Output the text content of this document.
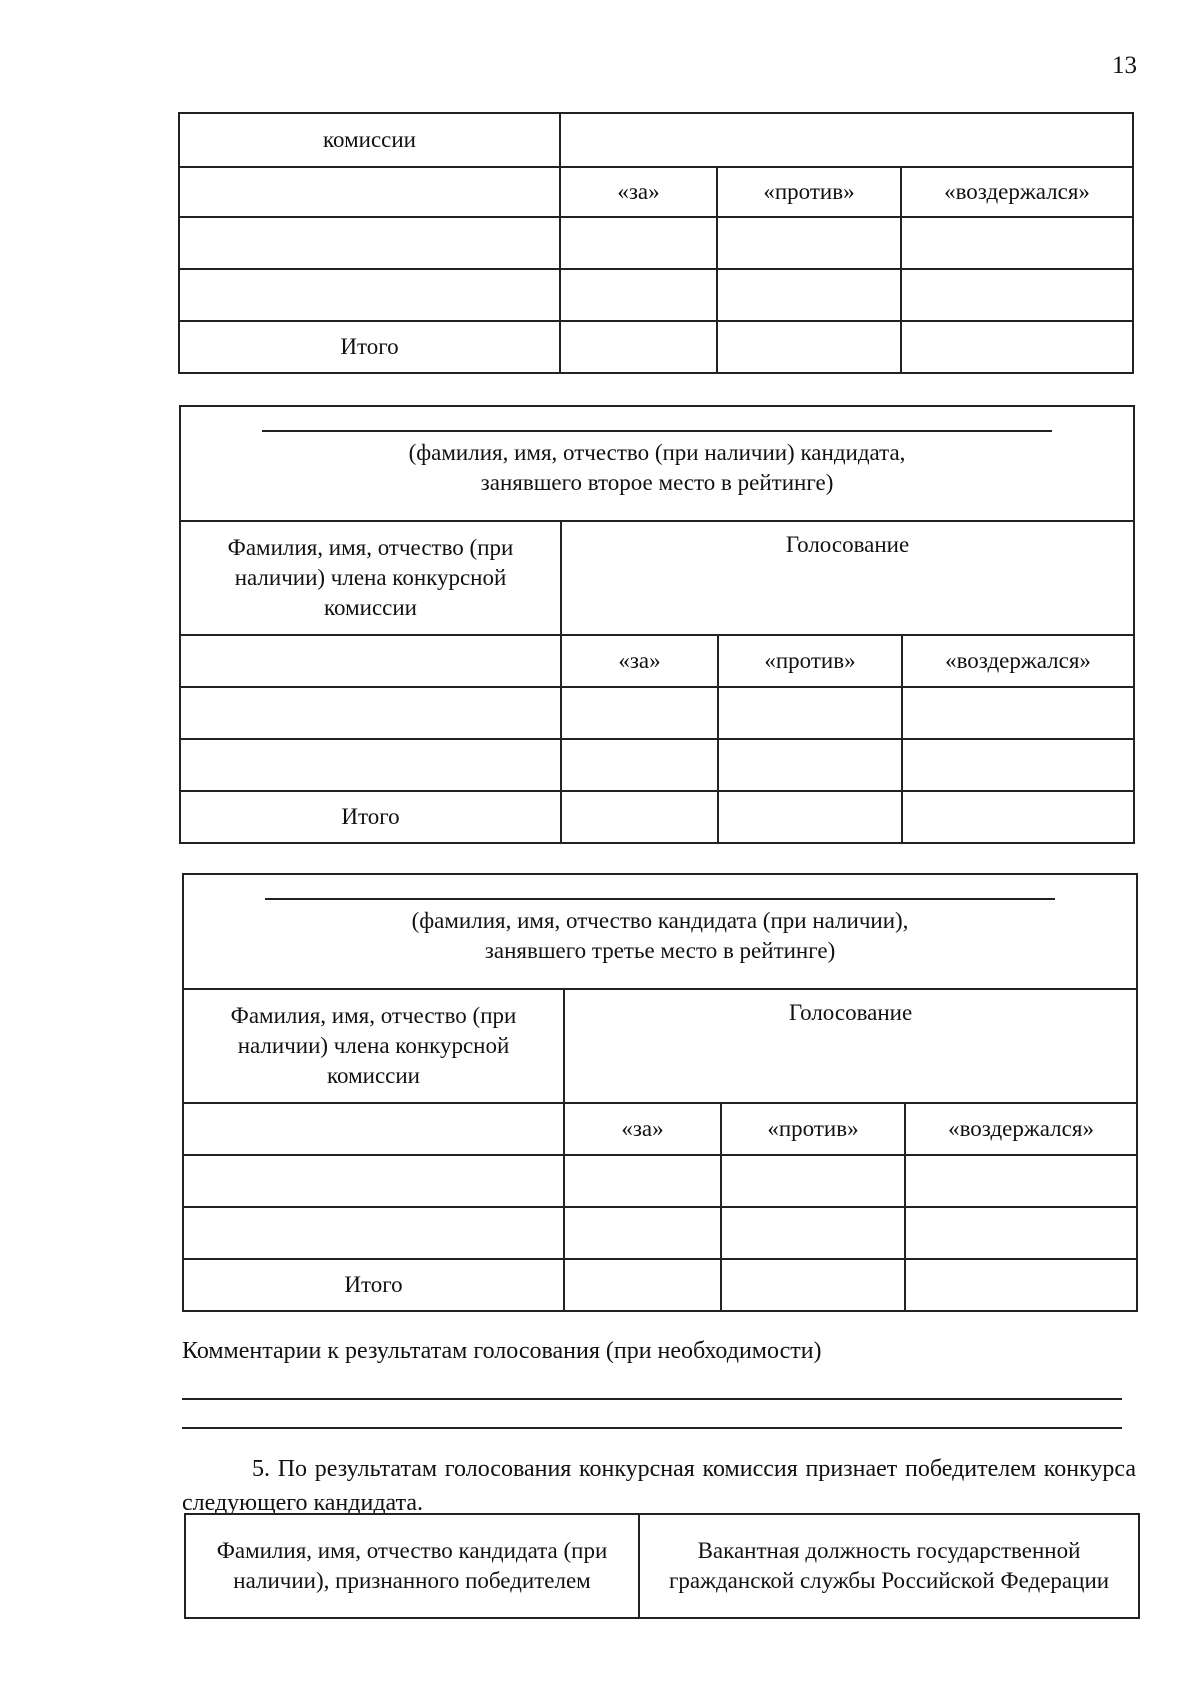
13
комиссии			
	«за»	«против»	«воздержался»

Итого			
(фамилия, имя, отчество (при наличии) кандидата, занявшего второе место в рейтинге)			

Фамилия, имя, отчество (при наличии) члена конкурсной комиссии	Голосование		
	«за»	«против»	«воздержался»

Итого			
(фамилия, имя, отчество кандидата (при наличии), занявшего третье место в рейтинге)			

Фамилия, имя, отчество (при наличии) члена конкурсной комиссии	Голосование		
	«за»	«против»	«воздержался»

Итого			
Комментарии к результатам голосования (при необходимости)
5. По результатам голосования конкурсная комиссия признает победителем конкурса следующего кандидата.
Фамилия, имя, отчество кандидата (при наличии), признанного победителем	Вакантная должность государственной гражданской службы Российской Федерации
